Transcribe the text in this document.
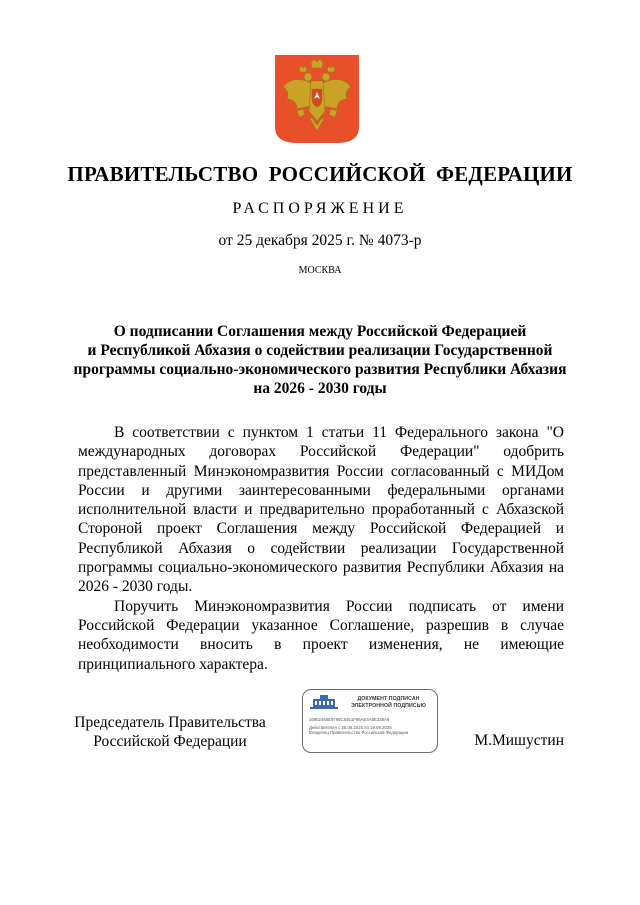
ПРАВИТЕЛЬСТВО РОССИЙСКОЙ ФЕДЕРАЦИИ
РАСПОРЯЖЕНИЕ
от 25 декабря 2025 г. № 4073-р
МОСКВА
О подписании Соглашения между Российской Федерацией
и Республикой Абхазия о содействии реализации Государственной
программы социально-экономического развития Республики Абхазия
на 2026 - 2030 годы

В соответствии с пунктом 1 статьи 11 Федерального закона "О международных договорах Российской Федерации" одобрить представленный Минэкономразвития России согласованный с МИДом России и другими заинтересованными федеральными органами исполнительной власти и предварительно проработанный с Абхазской Стороной проект Соглашения между Российской Федерацией и Республикой Абхазия о содействии реализации Государственной программы социально-экономического развития Республики Абхазия на 2026 - 2030 годы.

Поручить Минэкономразвития России подписать от имени Российской Федерации указанное Соглашение, разрешив в случае необходимости вносить в проект изменения, не имеющие принципиального характера.

Председатель Правительства
Российской Федерации
ДОКУМЕНТ ПОДПИСАН
ЭЛЕКТРОННОЙ ПОДПИСЬЮ
16902466E9765C5451F86AE4A8E338A9
Действителен с 26.06.2025 по 19.09.2026
Владелец Правительство Российской Федерации	М.Мишустин
